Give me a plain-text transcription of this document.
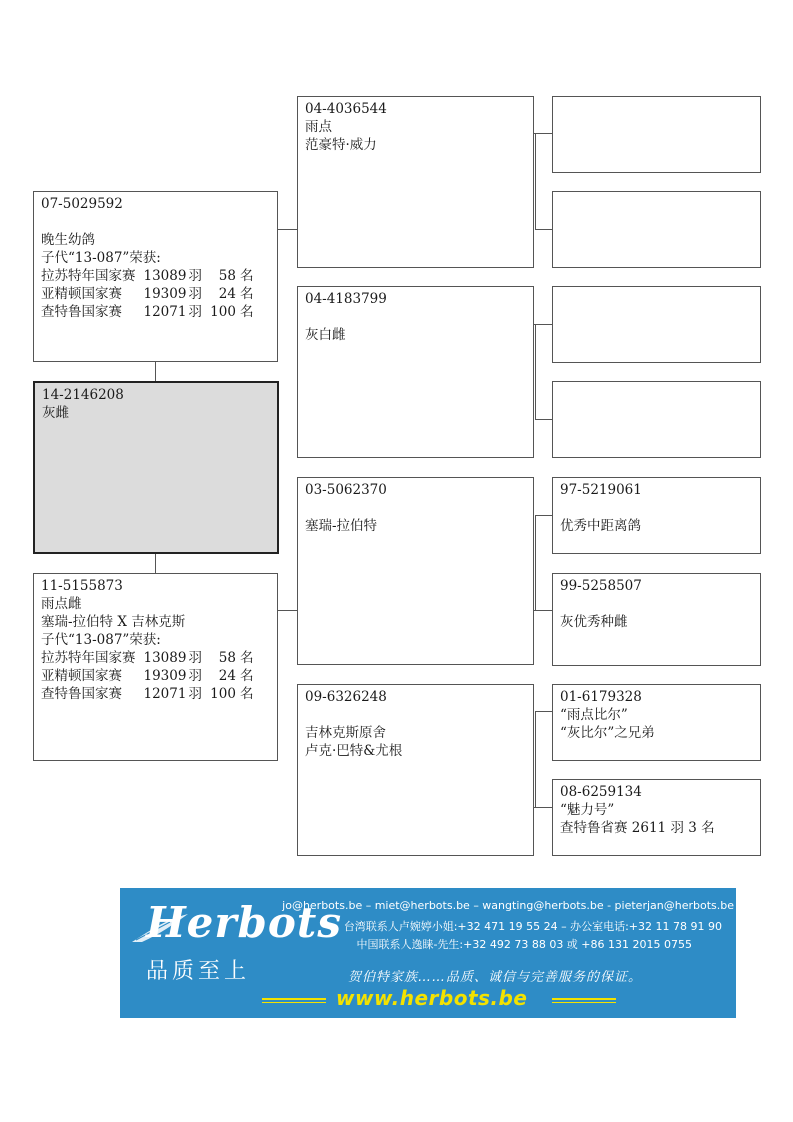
07-5029592
晚生幼鸽
子代“13-087”荣获:
拉苏特年国家赛	13089	羽	58	名
亚精顿国家赛	19309	羽	24	名
查特鲁国家赛	12071	羽	100	名
14-2146208
灰雌
11-5155873
雨点雌
塞瑞-拉伯特 X 吉林克斯
子代“13-087”荣获:
拉苏特年国家赛	13089	羽	58	名
亚精顿国家赛	19309	羽	24	名
查特鲁国家赛	12071	羽	100	名
04-4036544
雨点
范豪特·威力
04-4183799
灰白雌
03-5062370
塞瑞-拉伯特
09-6326248
吉林克斯原舍
卢克·巴特&尤根
97-5219061
优秀中距离鸽
99-5258507
灰优秀种雌
01-6179328
“雨点比尔”
“灰比尔”之兄弟
08-6259134
“魅力号”
查特鲁省赛 2611 羽 3 名
Herbots
品质至上
jo@herbots.be – miet@herbots.be – wangting@herbots.be - pieterjan@herbots.be
台湾联系人卢婉婷小姐:+32 471 19 55 24 – 办公室电话:+32 11 78 91 90
中国联系人逸睐-先生:+32 492 73 88 03 或 +86 131 2015 0755
贺伯特家族……品质、诚信与完善服务的保证。
www.herbots.be
